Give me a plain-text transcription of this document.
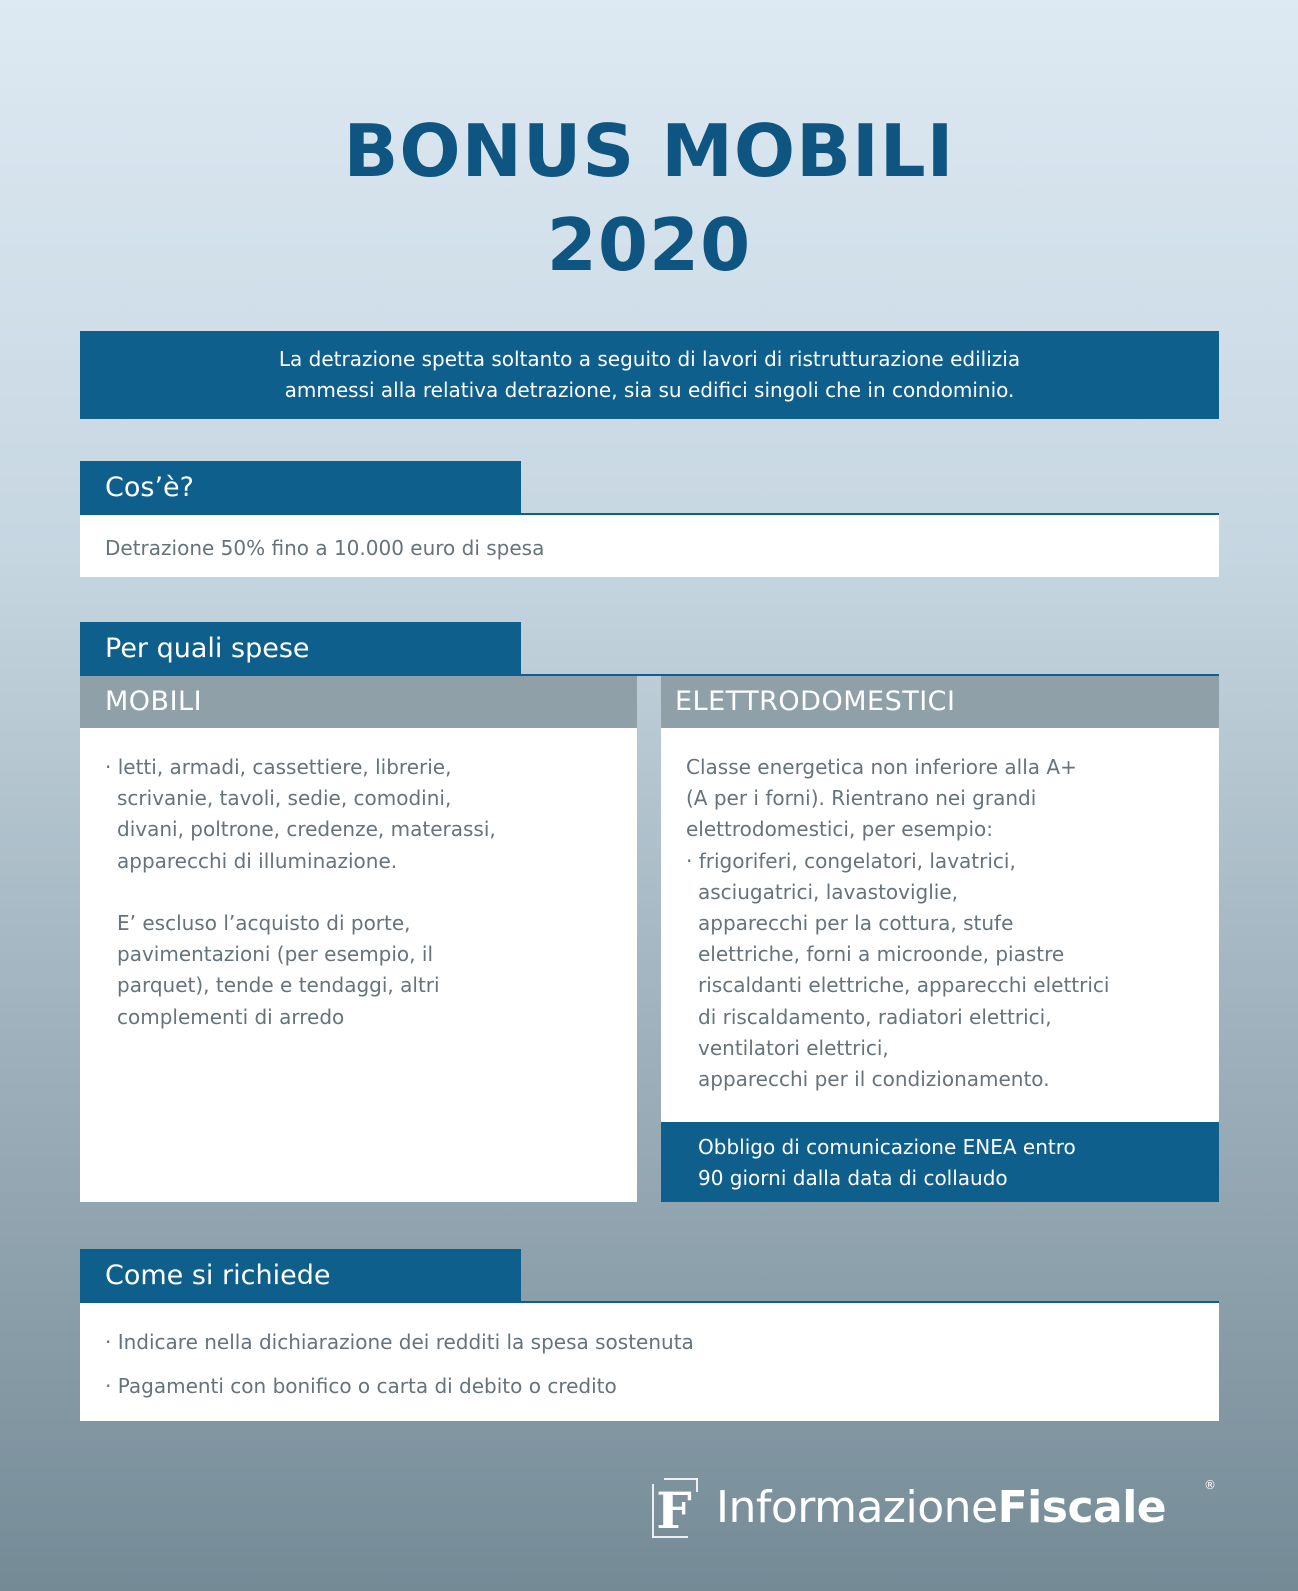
BONUS MOBILI
2020
La detrazione spetta soltanto a seguito di lavori di ristrutturazione edilizia
ammessi alla relativa detrazione, sia su edifici singoli che in condominio.
Cos’è?
Detrazione 50% fino a 10.000 euro di spesa
Per quali spese
MOBILI

· letti, armadi, cassettiere, librerie,

scrivanie, tavoli, sedie, comodini,

divani, poltrone, credenze, materassi,

apparecchi di illuminazione.

E’ escluso l’acquisto di porte,

pavimentazioni (per esempio, il

parquet), tende e tendaggi, altri

complementi di arredo

ELETTRODOMESTICI

Classe energetica non inferiore alla A+

(A per i forni). Rientrano nei grandi

elettrodomestici, per esempio:

· frigoriferi, congelatori, lavatrici,

asciugatrici, lavastoviglie,

apparecchi per la cottura, stufe

elettriche, forni a microonde, piastre

riscaldanti elettriche, apparecchi elettrici

di riscaldamento, radiatori elettrici,

ventilatori elettrici,

apparecchi per il condizionamento.

Obbligo di comunicazione ENEA entro
90 giorni dalla data di collaudo
Come si richiede

· Indicare nella dichiarazione dei redditi la spesa sostenuta

· Pagamenti con bonifico o carta di debito o credito

F InformazioneFiscale	®
